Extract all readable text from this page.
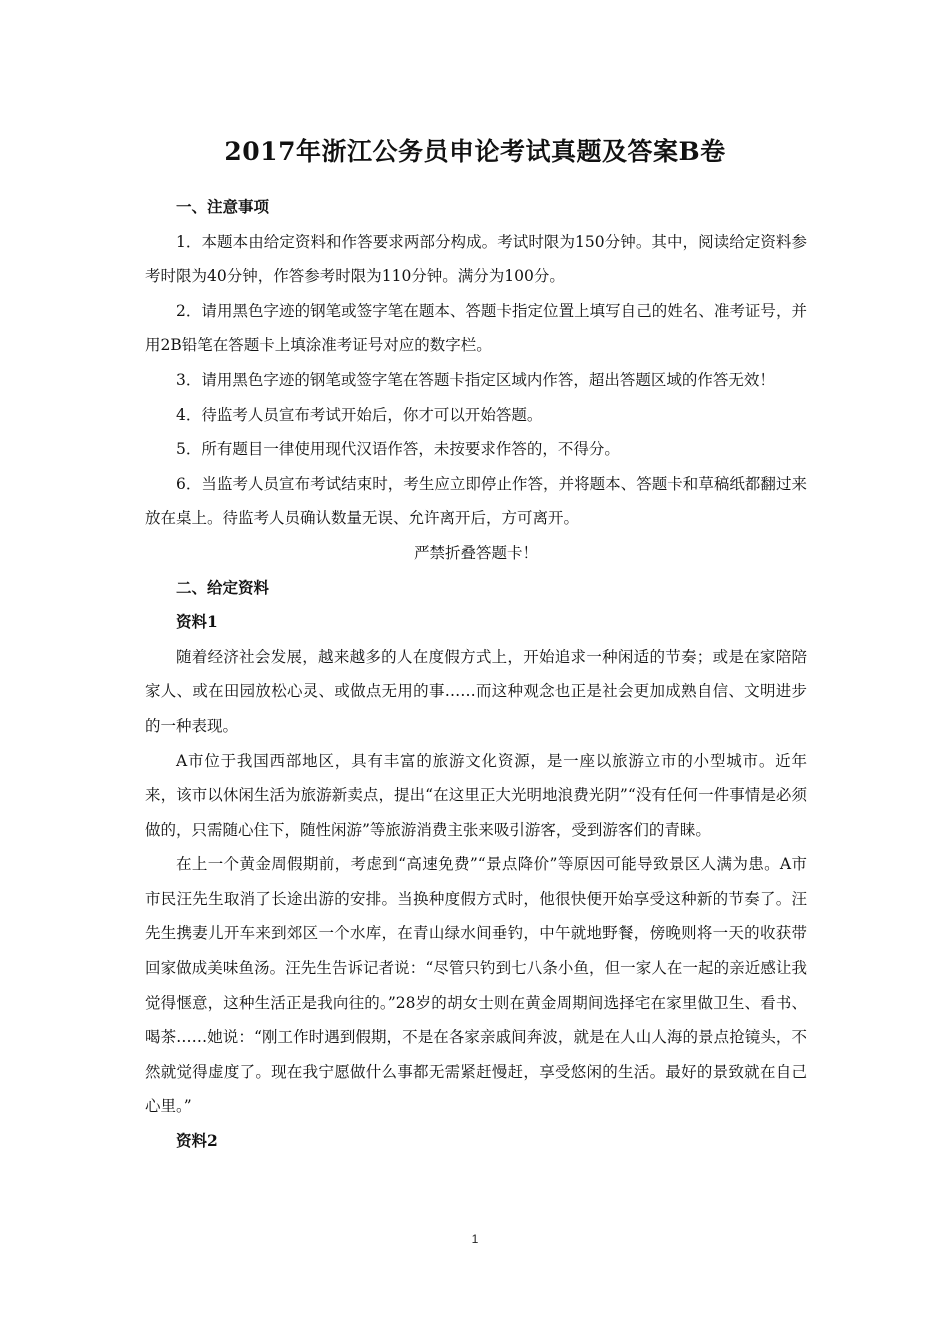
2017年浙江公务员申论考试真题及答案B卷

一、注意事项

1．本题本由给定资料和作答要求两部分构成。考试时限为150分钟。其中，阅读给定资料参考时限为40分钟，作答参考时限为110分钟。满分为100分。

2．请用黑色字迹的钢笔或签字笔在题本、答题卡指定位置上填写自己的姓名、准考证号，并用2B铅笔在答题卡上填涂准考证号对应的数字栏。

3．请用黑色字迹的钢笔或签字笔在答题卡指定区域内作答，超出答题区域的作答无效！

4．待监考人员宣布考试开始后，你才可以开始答题。

5．所有题目一律使用现代汉语作答，未按要求作答的，不得分。

6．当监考人员宣布考试结束时，考生应立即停止作答，并将题本、答题卡和草稿纸都翻过来放在桌上。待监考人员确认数量无误、允许离开后，方可离开。

严禁折叠答题卡！

二、给定资料

资料1

随着经济社会发展，越来越多的人在度假方式上，开始追求一种闲适的节奏；或是在家陪陪家人、或在田园放松心灵、或做点无用的事……而这种观念也正是社会更加成熟自信、文明进步的一种表现。

A市位于我国西部地区，具有丰富的旅游文化资源，是一座以旅游立市的小型城市。近年来，该市以休闲生活为旅游新卖点，提出“在这里正大光明地浪费光阴”“没有任何一件事情是必须做的，只需随心住下，随性闲游”等旅游消费主张来吸引游客，受到游客们的青睐。

在上一个黄金周假期前，考虑到“高速免费”“景点降价”等原因可能导致景区人满为患。A市市民汪先生取消了长途出游的安排。当换种度假方式时，他很快便开始享受这种新的节奏了。汪先生携妻儿开车来到郊区一个水库，在青山绿水间垂钓，中午就地野餐，傍晚则将一天的收获带回家做成美味鱼汤。汪先生告诉记者说：“尽管只钓到七八条小鱼，但一家人在一起的亲近感让我觉得惬意，这种生活正是我向往的。”28岁的胡女士则在黄金周期间选择宅在家里做卫生、看书、喝茶……她说：“刚工作时遇到假期，不是在各家亲戚间奔波，就是在人山人海的景点抢镜头，不然就觉得虚度了。现在我宁愿做什么事都无需紧赶慢赶，享受悠闲的生活。最好的景致就在自己心里。”

资料2

1
